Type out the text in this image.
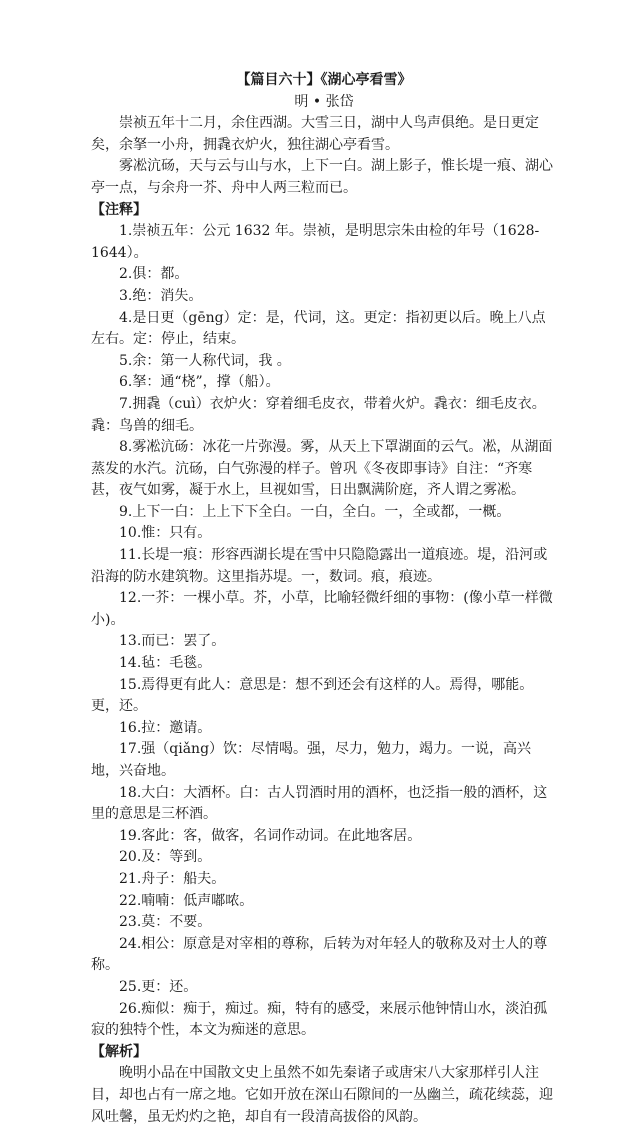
【篇目六十】《湖心亭看雪》
明 • 张岱

崇祯五年十二月，余住西湖。大雪三日，湖中人鸟声俱绝。是日更定矣，余拏一小舟，拥毳衣炉火，独往湖心亭看雪。

雾凇沆砀，天与云与山与水，上下一白。湖上影子，惟长堤一痕、湖心亭一点，与余舟一芥、舟中人两三粒而已。

【注释】

1.崇祯五年：公元 1632 年。崇祯，是明思宗朱由检的年号（1628-1644）。

2.俱：都。

3.绝：消失。

4.是日更（gēng）定：是，代词，这。更定：指初更以后。晚上八点左右。定：停止，结束。

5.余：第一人称代词，我 。

6.拏：通“桡”，撑（船）。

7.拥毳（cuì）衣炉火：穿着细毛皮衣，带着火炉。毳衣：细毛皮衣。毳：鸟兽的细毛。

8.雾凇沆砀：冰花一片弥漫。雾，从天上下罩湖面的云气。凇，从湖面蒸发的水汽。沆砀，白气弥漫的样子。曾巩《冬夜即事诗》自注：“齐寒甚，夜气如雾，凝于水上，旦视如雪，日出飘满阶庭，齐人谓之雾凇。

9.上下一白：上上下下全白。一白，全白。一，全或都，一概。

10.惟：只有。

11.长堤一痕：形容西湖长堤在雪中只隐隐露出一道痕迹。堤，沿河或沿海的防水建筑物。这里指苏堤。一，数词。痕，痕迹。

12.一芥：一棵小草。芥，小草，比喻轻微纤细的事物：(像小草一样微小)。

13.而已：罢了。

14.毡：毛毯。

15.焉得更有此人：意思是：想不到还会有这样的人。焉得，哪能。更，还。

16.拉：邀请。

17.强（qiǎng）饮：尽情喝。强，尽力，勉力，竭力。一说，高兴地，兴奋地。

18.大白：大酒杯。白：古人罚酒时用的酒杯，也泛指一般的酒杯，这里的意思是三杯酒。

19.客此：客，做客，名词作动词。在此地客居。

20.及：等到。

21.舟子：船夫。

22.喃喃：低声嘟哝。

23.莫：不要。

24.相公：原意是对宰相的尊称，后转为对年轻人的敬称及对士人的尊称。

25.更：还。

26.痴似：痴于，痴过。痴，特有的感受，来展示他钟情山水，淡泊孤寂的独特个性，本文为痴迷的意思。

【解析】

晚明小品在中国散文史上虽然不如先秦诸子或唐宋八大家那样引人注目，却也占有一席之地。它如开放在深山石隙间的一丛幽兰，疏花续蕊，迎风吐馨，虽无灼灼之艳，却自有一段清高拔俗的风韵。
